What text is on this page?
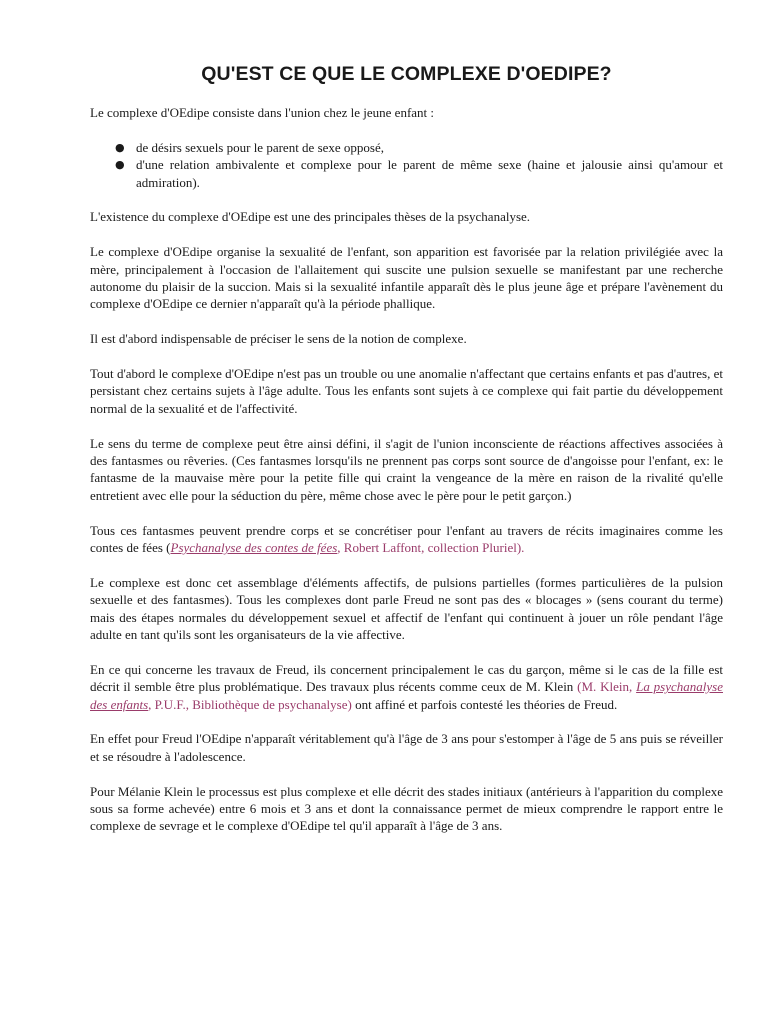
QU'EST CE QUE LE COMPLEXE D'OEDIPE?

Le complexe d'OEdipe consiste dans l'union chez le jeune enfant :

● de désirs sexuels pour le parent de sexe opposé,
● d'une relation ambivalente et complexe pour le parent de même sexe (haine et jalousie ainsi qu'amour et admiration).

L'existence du complexe d'OEdipe est une des principales thèses de la psychanalyse.

Le complexe d'OEdipe organise la sexualité de l'enfant, son apparition est favorisée par la relation privilégiée avec la mère, principalement à l'occasion de l'allaitement qui suscite une pulsion sexuelle se manifestant par une recherche autonome du plaisir de la succion. Mais si la sexualité infantile apparaît dès le plus jeune âge et prépare l'avènement du complexe d'OEdipe ce dernier n'apparaît qu'à la période phallique.

Il est d'abord indispensable de préciser le sens de la notion de complexe.

Tout d'abord le complexe d'OEdipe n'est pas un trouble ou une anomalie n'affectant que certains enfants et pas d'autres, et persistant chez certains sujets à l'âge adulte. Tous les enfants sont sujets à ce complexe qui fait partie du développement normal de la sexualité et de l'affectivité.

Le sens du terme de complexe peut être ainsi défini, il s'agit de l'union inconsciente de réactions affectives associées à des fantasmes ou rêveries. (Ces fantasmes lorsqu'ils ne prennent pas corps sont source de d'angoisse pour l'enfant, ex: le fantasme de la mauvaise mère pour la petite fille qui craint la vengeance de la mère en raison de la rivalité qu'elle entretient avec elle pour la séduction du père, même chose avec le père pour le petit garçon.)

Tous ces fantasmes peuvent prendre corps et se concrétiser pour l'enfant au travers de récits imaginaires comme les contes de fées (Psychanalyse des contes de fées, Robert Laffont, collection Pluriel).

Le complexe est donc cet assemblage d'éléments affectifs, de pulsions partielles (formes particulières de la pulsion sexuelle et des fantasmes). Tous les complexes dont parle Freud ne sont pas des « blocages » (sens courant du terme) mais des étapes normales du développement sexuel et affectif de l'enfant qui continuent à jouer un rôle pendant l'âge adulte en tant qu'ils sont les organisateurs de la vie affective.

En ce qui concerne les travaux de Freud, ils concernent principalement le cas du garçon, même si le cas de la fille est décrit il semble être plus problématique. Des travaux plus récents comme ceux de M. Klein (M. Klein, La psychanalyse des enfants, P.U.F., Bibliothèque de psychanalyse) ont affiné et parfois contesté les théories de Freud.

En effet pour Freud l'OEdipe n'apparaît véritablement qu'à l'âge de 3 ans pour s'estomper à l'âge de 5 ans puis se réveiller et se résoudre à l'adolescence.

Pour Mélanie Klein le processus est plus complexe et elle décrit des stades initiaux (antérieurs à l'apparition du complexe sous sa forme achevée) entre 6 mois et 3 ans et dont la connaissance permet de mieux comprendre le rapport entre le complexe de sevrage et le complexe d'OEdipe tel qu'il apparaît à l'âge de 3 ans.
